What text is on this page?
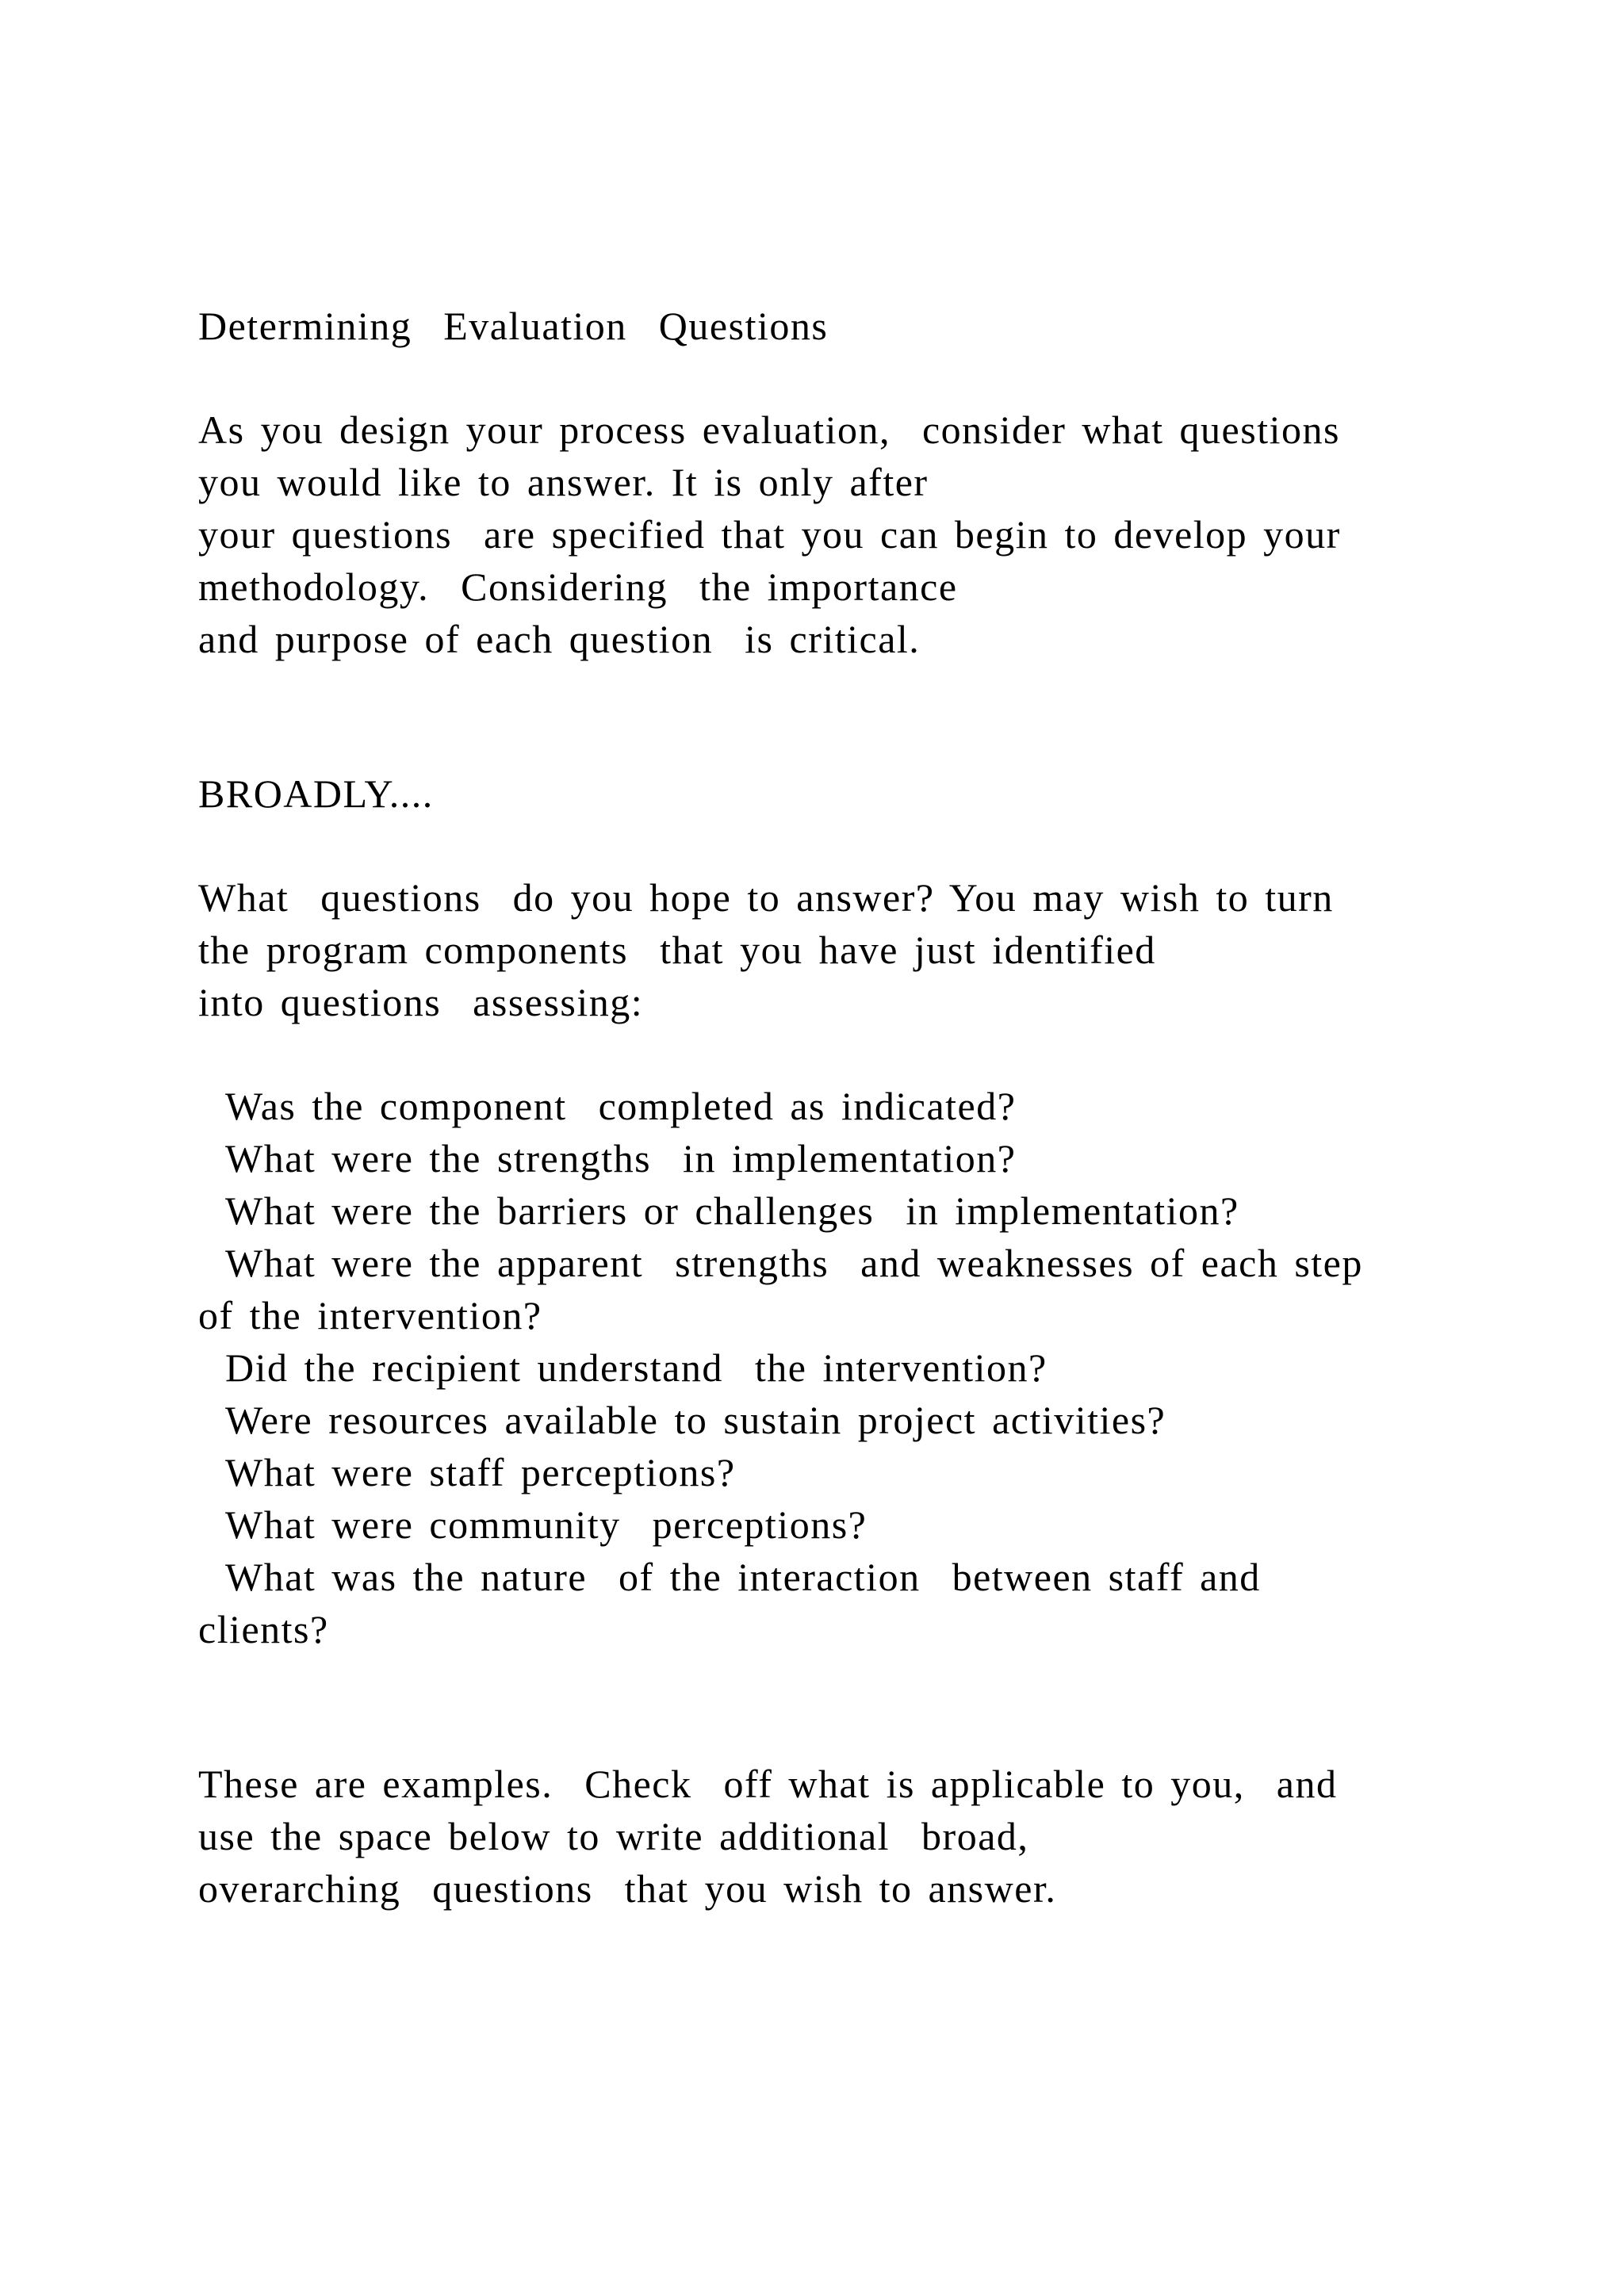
Determining  Evaluation  Questions
As you design your process evaluation,  consider what questions
you would like to answer. It is only after
your questions  are specified that you can begin to develop your
methodology.  Considering  the importance
and purpose of each question  is critical.
BROADLY....
What  questions  do you hope to answer? You may wish to turn
the program components  that you have just identified
into questions  assessing:
Was the component  completed as indicated?
What were the strengths  in implementation?
What were the barriers or challenges  in implementation?
What were the apparent  strengths  and weaknesses of each step
of the intervention?
Did the recipient understand  the intervention?
Were resources available to sustain project activities?
What were staff perceptions?
What were community  perceptions?
What was the nature  of the interaction  between staff and
clients?
These are examples.  Check  off what is applicable to you,  and
use the space below to write additional  broad,
overarching  questions  that you wish to answer.
